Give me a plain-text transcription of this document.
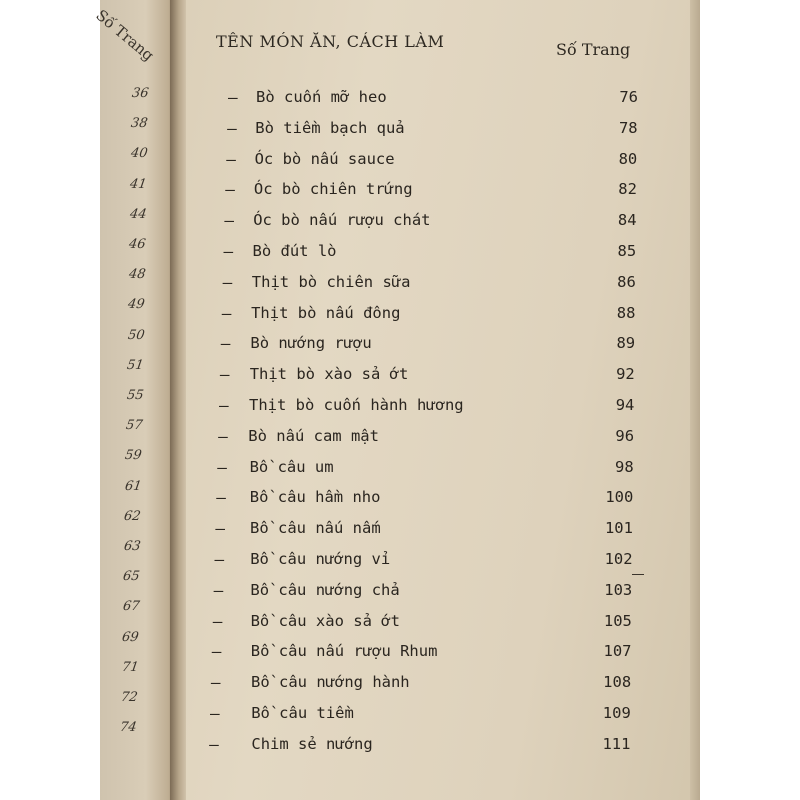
Số Trang
36
38
40
41
44
46
48
49
50
51
55
57
59
61
62
63
65
67
69
71
72
74
TÊN MÓN ĂN, CÁCH LÀM	Số Trang
— Bò cuốn mỡ heo	76
— Bò tiềm bạch quả	78
— Óc bò nấu sauce	80
— Óc bò chiên trứng	82
— Óc bò nấu rượu chát	84
— Bò đút lò	85
— Thịt bò chiên sữa	86
— Thịt bò nấu đông	88
— Bò nướng rượu	89
— Thịt bò xào sả ớt	92
— Thịt bò cuốn hành hương	94
— Bò nấu cam mật	96
— Bồ câu um	98
— Bồ câu hầm nho	100
— Bồ câu nấu nấm	101
— Bồ câu nướng vỉ	102
— Bồ câu nướng chả	103
— Bồ câu xào sả ớt	105
— Bồ câu nấu rượu Rhum	107
— Bồ câu nướng hành	108
— Bồ câu tiềm	109
— Chim sẻ nướng	111
